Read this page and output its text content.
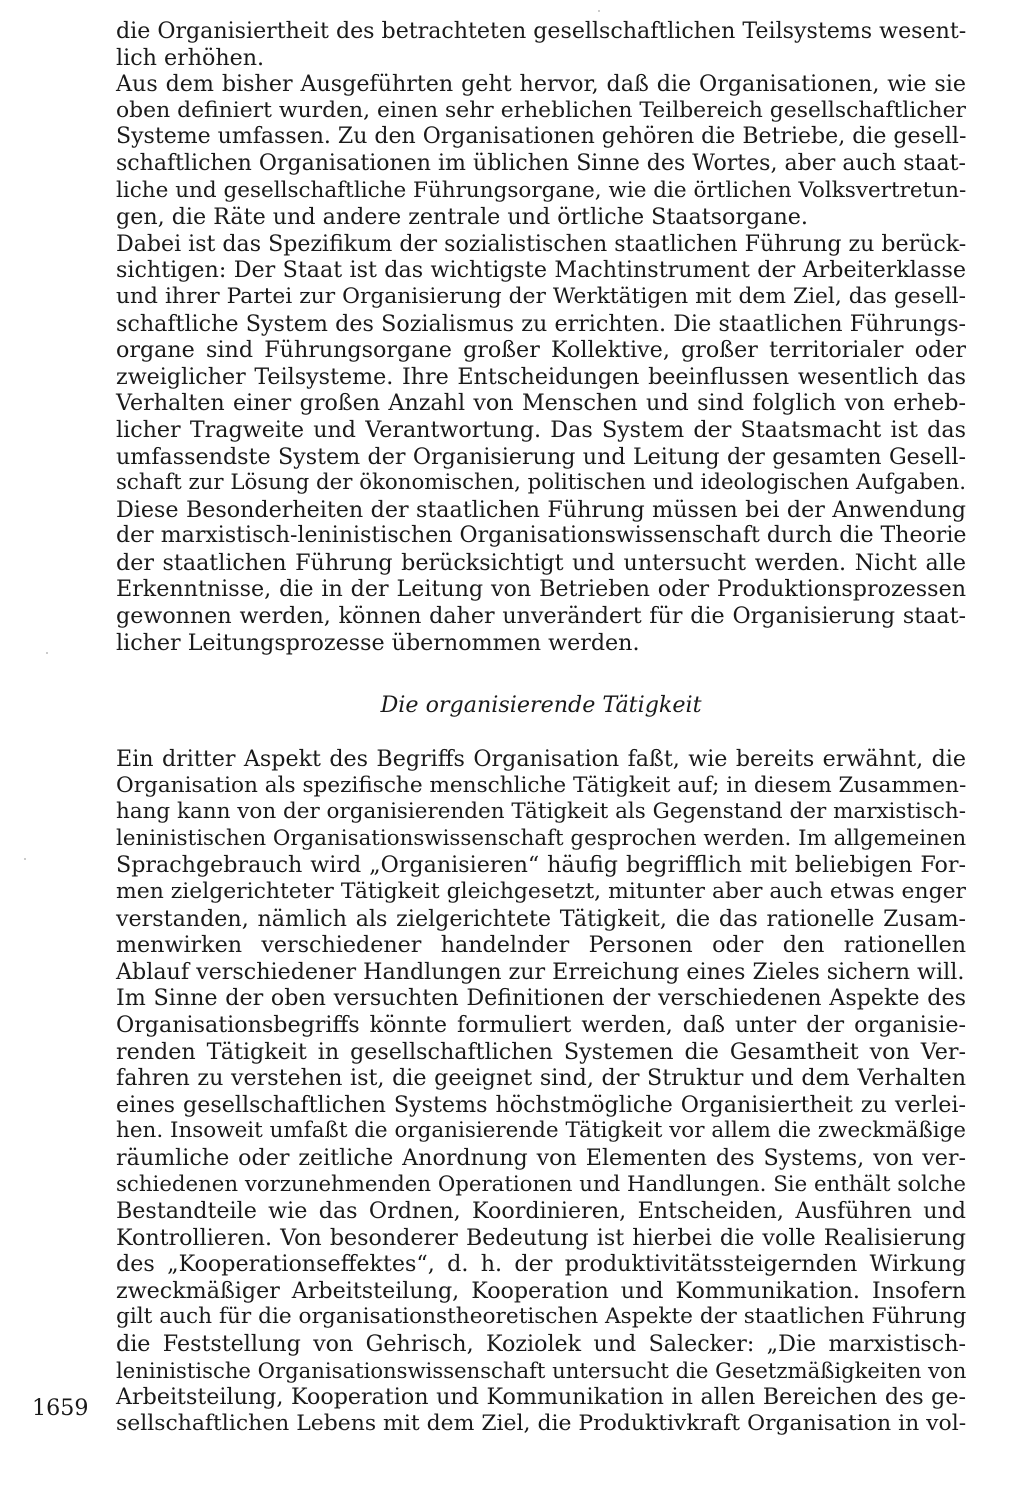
die Organisiertheit des betrachteten gesellschaftlichen Teilsystems wesent-
lich erhöhen.
Aus dem bisher Ausgeführten geht hervor, daß die Organisationen, wie sie
oben definiert wurden, einen sehr erheblichen Teilbereich gesellschaftlicher
Systeme umfassen. Zu den Organisationen gehören die Betriebe, die gesell-
schaftlichen Organisationen im üblichen Sinne des Wortes, aber auch staat-
liche und gesellschaftliche Führungsorgane, wie die örtlichen Volksvertretun-
gen, die Räte und andere zentrale und örtliche Staatsorgane.
Dabei ist das Spezifikum der sozialistischen staatlichen Führung zu berück-
sichtigen: Der Staat ist das wichtigste Machtinstrument der Arbeiterklasse
und ihrer Partei zur Organisierung der Werktätigen mit dem Ziel, das gesell-
schaftliche System des Sozialismus zu errichten. Die staatlichen Führungs-
organe sind Führungsorgane großer Kollektive, großer territorialer oder
zweiglicher Teilsysteme. Ihre Entscheidungen beeinflussen wesentlich das
Verhalten einer großen Anzahl von Menschen und sind folglich von erheb-
licher Tragweite und Verantwortung. Das System der Staatsmacht ist das
umfassendste System der Organisierung und Leitung der gesamten Gesell-
schaft zur Lösung der ökonomischen, politischen und ideologischen Aufgaben.
Diese Besonderheiten der staatlichen Führung müssen bei der Anwendung
der marxistisch-leninistischen Organisationswissenschaft durch die Theorie
der staatlichen Führung berücksichtigt und untersucht werden. Nicht alle
Erkenntnisse, die in der Leitung von Betrieben oder Produktionsprozessen
gewonnen werden, können daher unverändert für die Organisierung staat-
licher Leitungsprozesse übernommen werden.
Die organisierende Tätigkeit
Ein dritter Aspekt des Begriffs Organisation faßt, wie bereits erwähnt, die
Organisation als spezifische menschliche Tätigkeit auf; in diesem Zusammen-
hang kann von der organisierenden Tätigkeit als Gegenstand der marxistisch-
leninistischen Organisationswissenschaft gesprochen werden. Im allgemeinen
Sprachgebrauch wird „Organisieren“ häufig begrifflich mit beliebigen For-
men zielgerichteter Tätigkeit gleichgesetzt, mitunter aber auch etwas enger
verstanden, nämlich als zielgerichtete Tätigkeit, die das rationelle Zusam-
menwirken verschiedener handelnder Personen oder den rationellen
Ablauf verschiedener Handlungen zur Erreichung eines Zieles sichern will.
Im Sinne der oben versuchten Definitionen der verschiedenen Aspekte des
Organisationsbegriffs könnte formuliert werden, daß unter der organisie-
renden Tätigkeit in gesellschaftlichen Systemen die Gesamtheit von Ver-
fahren zu verstehen ist, die geeignet sind, der Struktur und dem Verhalten
eines gesellschaftlichen Systems höchstmögliche Organisiertheit zu verlei-
hen. Insoweit umfaßt die organisierende Tätigkeit vor allem die zweckmäßige
räumliche oder zeitliche Anordnung von Elementen des Systems, von ver-
schiedenen vorzunehmenden Operationen und Handlungen. Sie enthält solche
Bestandteile wie das Ordnen, Koordinieren, Entscheiden, Ausführen und
Kontrollieren. Von besonderer Bedeutung ist hierbei die volle Realisierung
des „Kooperationseffektes“, d. h. der produktivitätssteigernden Wirkung
zweckmäßiger Arbeitsteilung, Kooperation und Kommunikation. Insofern
gilt auch für die organisationstheoretischen Aspekte der staatlichen Führung
die Feststellung von Gehrisch, Koziolek und Salecker: „Die marxistisch-
leninistische Organisationswissenschaft untersucht die Gesetzmäßigkeiten von
Arbeitsteilung, Kooperation und Kommunikation in allen Bereichen des ge-
sellschaftlichen Lebens mit dem Ziel, die Produktivkraft Organisation in vol-
1659
